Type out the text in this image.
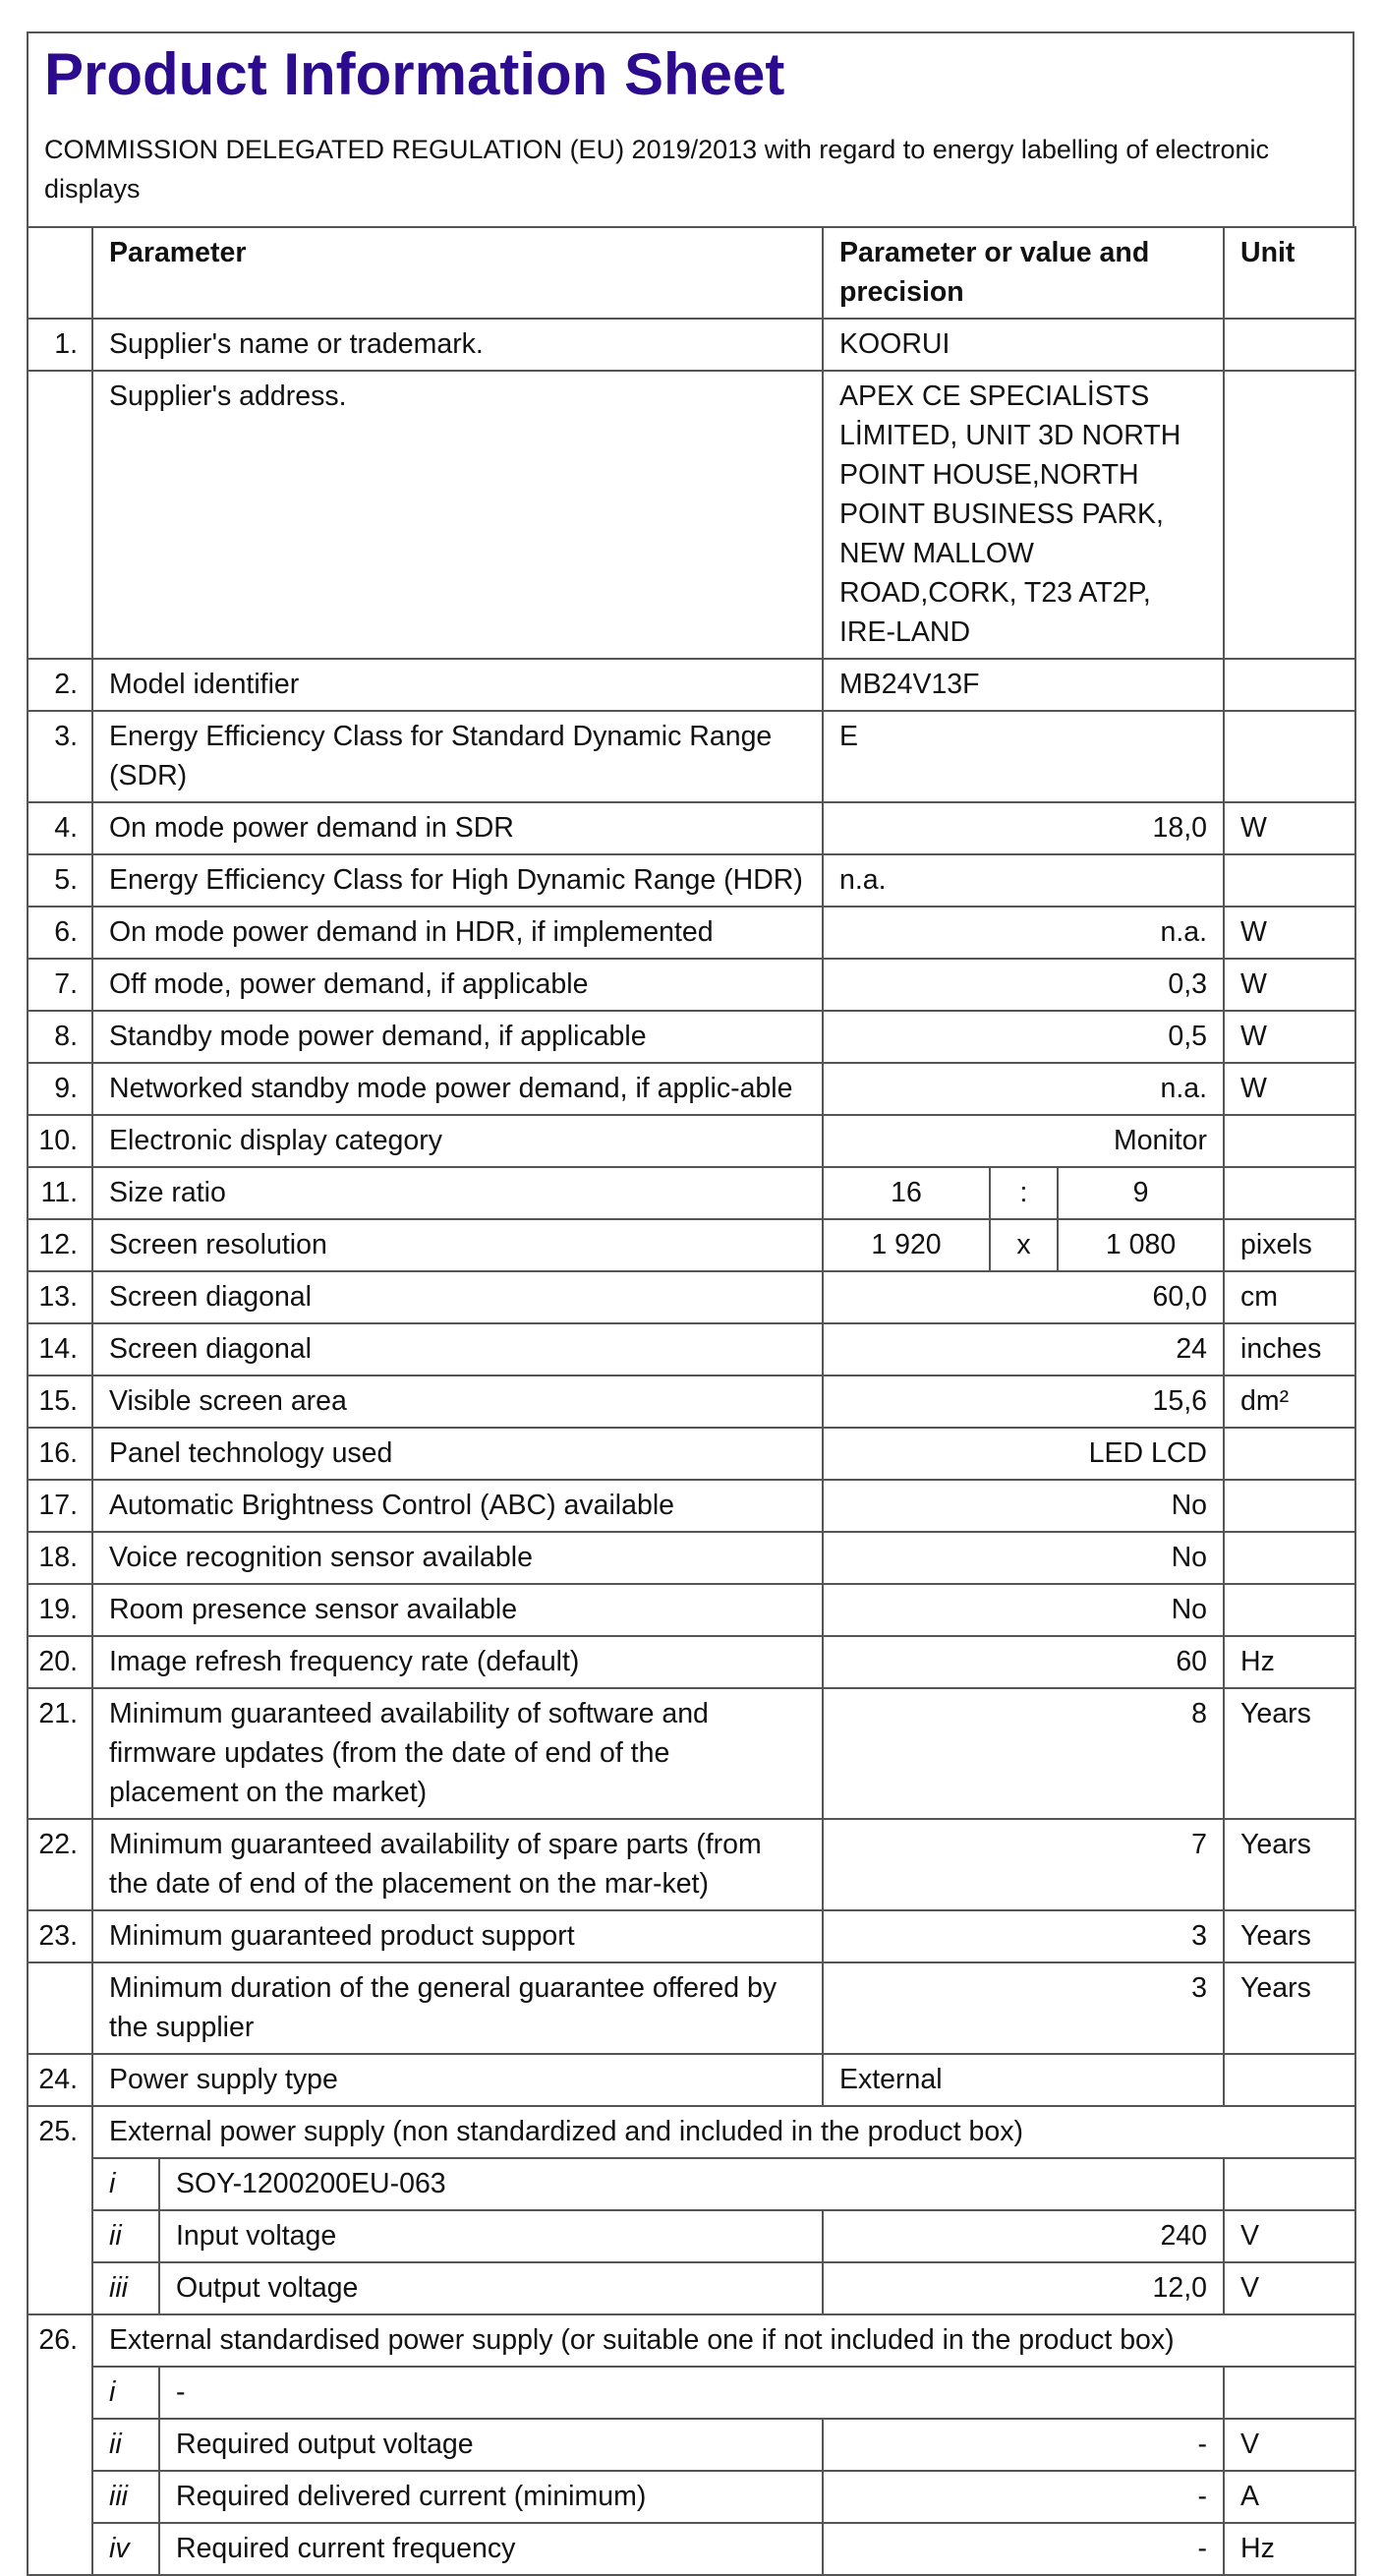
Product Information Sheet
COMMISSION DELEGATED REGULATION (EU) 2019/2013 with regard to energy labelling of electronic displays
	Parameter		Parameter or value and precision			Unit
1.	Supplier's name or trademark.		KOORUI			
	Supplier's address.		APEX CE SPECIALİSTS LİMITED, UNIT 3D NORTH POINT HOUSE,NORTH POINT BUSINESS PARK, NEW MALLOW ROAD,CORK, T23 AT2P, IRE-LAND			
2.	Model identifier		MB24V13F			
3.	Energy Efficiency Class for Standard Dynamic Range (SDR)		E			
4.	On mode power demand in SDR		18,0			W
5.	Energy Efficiency Class for High Dynamic Range (HDR)		n.a.			
6.	On mode power demand in HDR, if implemented		n.a.			W
7.	Off mode, power demand, if applicable		0,3			W
8.	Standby mode power demand, if applicable		0,5			W
9.	Networked standby mode power demand, if applic-able		n.a.			W
10.	Electronic display category		Monitor			
11.	Size ratio		16	:	9	
12.	Screen resolution		1 920	x	1 080	pixels
13.	Screen diagonal		60,0			cm
14.	Screen diagonal		24			inches
15.	Visible screen area		15,6			dm²
16.	Panel technology used		LED LCD			
17.	Automatic Brightness Control (ABC) available		No			
18.	Voice recognition sensor available		No			
19.	Room presence sensor available		No			
20.	Image refresh frequency rate (default)		60			Hz
21.	Minimum guaranteed availability of software and firmware updates (from the date of end of the placement on the market)		8			Years
22.	Minimum guaranteed availability of spare parts (from the date of end of the placement on the mar-ket)		7			Years
23.	Minimum guaranteed product support		3			Years
	Minimum duration of the general guarantee offered by the supplier		3			Years
24.	Power supply type		External			
25.	External power supply (non standardized and included in the product box)					
	i	SOY-1200200EU-063				
	ii	Input voltage	240			V
	iii	Output voltage	12,0			V
26.	External standardised power supply (or suitable one if not included in the product box)					
	i	-				
	ii	Required output voltage	-			V
	iii	Required delivered current (minimum)	-			A
	iv	Required current frequency	-			Hz
